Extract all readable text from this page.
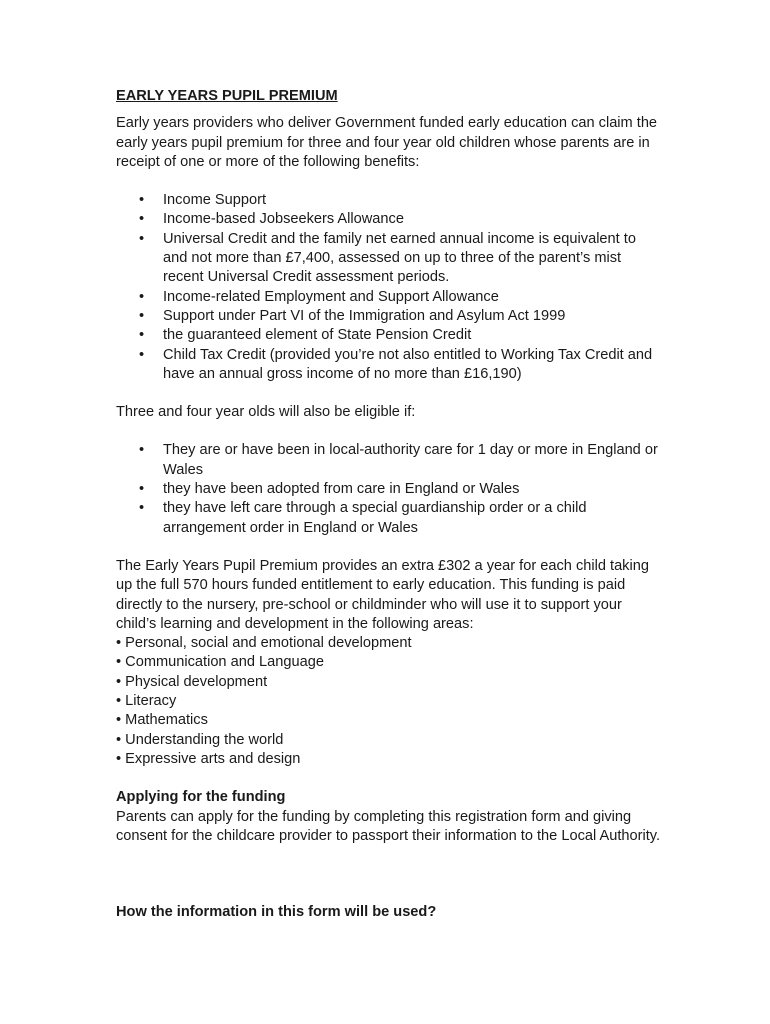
EARLY YEARS PUPIL PREMIUM

Early years providers who deliver Government funded early education can claim the early years pupil premium for three and four year old children whose parents are in receipt of one or more of the following benefits:

• Income Support
• Income-based Jobseekers Allowance
• Universal Credit and the family net earned annual income is equivalent to and not more than £7,400, assessed on up to three of the parent’s mist recent Universal Credit assessment periods.
• Income-related Employment and Support Allowance
• Support under Part VI of the Immigration and Asylum Act 1999
• the guaranteed element of State Pension Credit
• Child Tax Credit (provided you’re not also entitled to Working Tax Credit and have an annual gross income of no more than £16,190)

Three and four year olds will also be eligible if:

• They are or have been in local-authority care for 1 day or more in England or Wales
• they have been adopted from care in England or Wales
• they have left care through a special guardianship order or a child arrangement order in England or Wales

The Early Years Pupil Premium provides an extra £302 a year for each child taking up the full 570 hours funded entitlement to early education. This funding is paid directly to the nursery, pre-school or childminder who will use it to support your child’s learning and development in the following areas:

• Personal, social and emotional development
• Communication and Language
• Physical development
• Literacy
• Mathematics
• Understanding the world
• Expressive arts and design
Applying for the funding

Parents can apply for the funding by completing this registration form and giving consent for the childcare provider to passport their information to the Local Authority.

How the information in this form will be used?
